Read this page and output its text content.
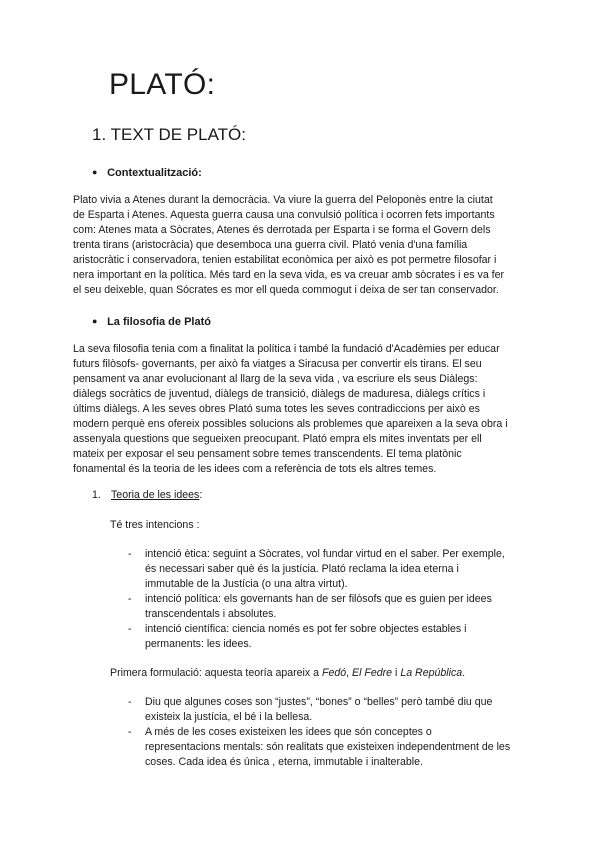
PLATÓ:
1. TEXT DE PLATÓ:
● Contextualització:

Plato vivia a Atenes durant la democràcia. Va viure la guerra del Peloponès entre la ciutat

de Esparta i Atenes. Aquesta guerra causa una convulsió política i ocorren fets importants

com: Atenes mata a Sòcrates, Atenes és derrotada per Esparta i se forma el Govern dels

trenta tirans (aristocràcia) que desemboca una guerra civil. Plató venia d'una família

aristocràtic i conservadora, tenien estabilitat econòmica per això es pot permetre filosofar i

nera important en la política. Més tard en la seva vida, es va creuar amb sòcrates i es va fer

el seu deixeble, quan Sócrates es mor ell queda commogut i deixa de ser tan conservador.

● La filosofia de Plató

La seva filosofia tenia com a finalitat la política i també la fundació d'Acadèmies per educar

futurs filòsofs- governants, per això fa viatges a Siracusa per convertir els tirans. El seu

pensament va anar evolucionant al llarg de la seva vida , va escriure els seus Diàlegs:

diàlegs socràtics de juventud, diàlegs de transició, diàlegs de maduresa, diàlegs crítics i

últims diàlegs. A les seves obres Plató suma totes les seves contradiccions per això es

modern perquè ens ofereix possibles solucions als problemes que apareixen a la seva obra i

assenyala questions que segueixen preocupant. Plató empra els mites inventats per ell

mateix per exposar el seu pensament sobre temes transcendents. El tema platònic

fonamental és la teoria de les idees com a referència de tots els altres temes.

1. Teoria de les idees:

Té tres intencions :

-

intenció ètica: seguint a Sòcrates, vol fundar virtud en el saber. Per exemple,

és necessari saber què és la justícia. Plató reclama la idea eterna i

immutable de la Justícia (o una altra virtut).

-

intenció política: els governants han de ser filòsofs que es guien per idees

transcendentals i absolutes.

-

intenció científica: ciencia només es pot fer sobre objectes estables i

permanents: les idees.

Primera formulació: aquesta teoría apareix a Fedó, El Fedre i La República.

-

Diu que algunes coses son “justes”, “bones” o “belles” però també diu que

existeix la justícia, el bé i la bellesa.

-

A més de les coses existeixen les idees que són conceptes o

representacions mentals: són realitats que existeixen independentment de les

coses. Cada idea és única , eterna, immutable i inalterable.
